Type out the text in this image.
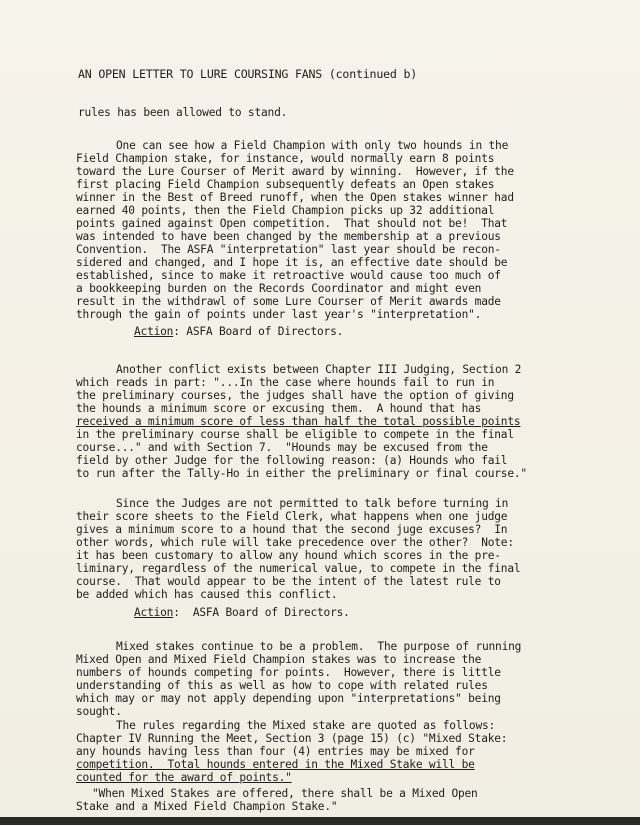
AN OPEN LETTER TO LURE COURSING FANS (continued b)
rules has been allowed to stand.
One can see how a Field Champion with only two hounds in the
Field Champion stake, for instance, would normally earn 8 points
toward the Lure Courser of Merit award by winning.  However, if the
first placing Field Champion subsequently defeats an Open stakes
winner in the Best of Breed runoff, when the Open stakes winner had
earned 40 points, then the Field Champion picks up 32 additional
points gained against Open competition.  That should not be!  That
was intended to have been changed by the membership at a previous
Convention.  The ASFA "interpretation" last year should be recon-
sidered and changed, and I hope it is, an effective date should be
established, since to make it retroactive would cause too much of
a bookkeeping burden on the Records Coordinator and might even
result in the withdrawl of some Lure Courser of Merit awards made
through the gain of points under last year's "interpretation".
Action: ASFA Board of Directors.
Another conflict exists between Chapter III Judging, Section 2
which reads in part: "...In the case where hounds fail to run in
the preliminary courses, the judges shall have the option of giving
the hounds a minimum score or excusing them.  A hound that has
received a minimum score of less than half the total possible points
in the preliminary course shall be eligible to compete in the final
course..." and with Section 7.  "Hounds may be excused from the
field by other Judge for the following reason: (a) Hounds who fail
to run after the Tally-Ho in either the preliminary or final course."
Since the Judges are not permitted to talk before turning in
their score sheets to the Field Clerk, what happens when one judge
gives a minimum score to a hound that the second juge excuses?  In
other words, which rule will take precedence over the other?  Note:
it has been customary to allow any hound which scores in the pre-
liminary, regardless of the numerical value, to compete in the final
course.  That would appear to be the intent of the latest rule to
be added which has caused this conflict.
Action:  ASFA Board of Directors.
Mixed stakes continue to be a problem.  The purpose of running
Mixed Open and Mixed Field Champion stakes was to increase the
numbers of hounds competing for points.  However, there is little
understanding of this as well as how to cope with related rules
which may or may not apply depending upon "interpretations" being
sought.
The rules regarding the Mixed stake are quoted as follows:
Chapter IV Running the Meet, Section 3 (page 15) (c) "Mixed Stake:
any hounds having less than four (4) entries may be mixed for
competition.  Total hounds entered in the Mixed Stake will be
counted for the award of points."
"When Mixed Stakes are offered, there shall be a Mixed Open
Stake and a Mixed Field Champion Stake."
